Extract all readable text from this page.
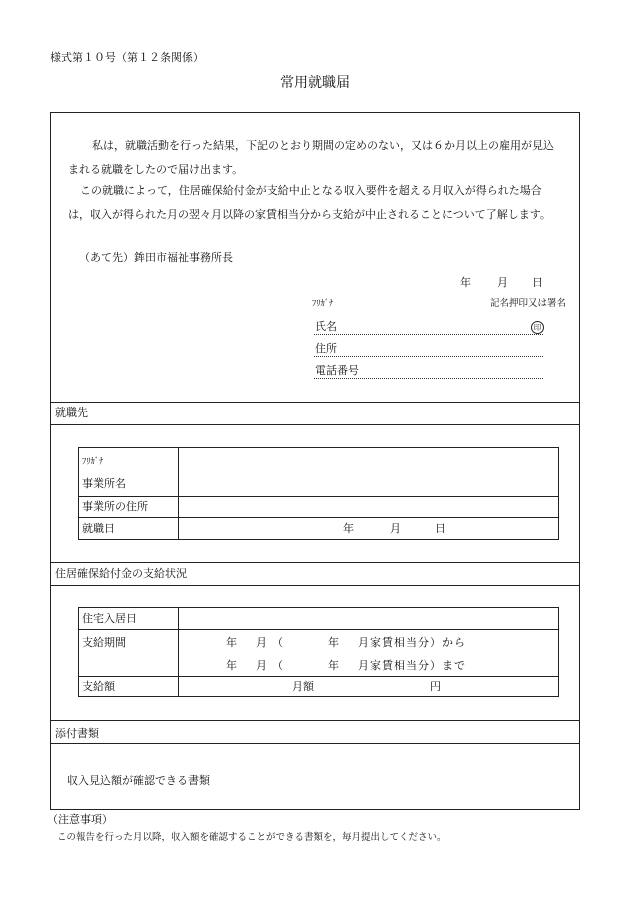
様式第１０号（第１２条関係）
常用就職届
私は，就職活動を行った結果，下記のとおり期間の定めのない，又は６か月以上の雇用が見込
まれる就職をしたので届け出ます。
この就職によって，住居確保給付金が支給中止となる収入要件を超える月収入が得られた場合
は，収入が得られた月の翌々月以降の家賃相当分から支給が中止されることについて了解します。
（あて先）鉾田市福祉事務所長
年 月 日
ﾌﾘｶﾞﾅ	記名押印又は署名
氏名	印
住所
電話番号
就職先
ﾌﾘｶﾞﾅ
事業所名
事業所の住所
就職日	年	月	日
住居確保給付金の支給状況
住宅入居日
支給期間	年 月 （	年 月家賃相当分）から
年 月 （	年 月家賃相当分）まで
支給額	月額	円
添付書類
収入見込額が確認できる書類
（注意事項）
この報告を行った月以降，収入額を確認することができる書類を，毎月提出してください。
